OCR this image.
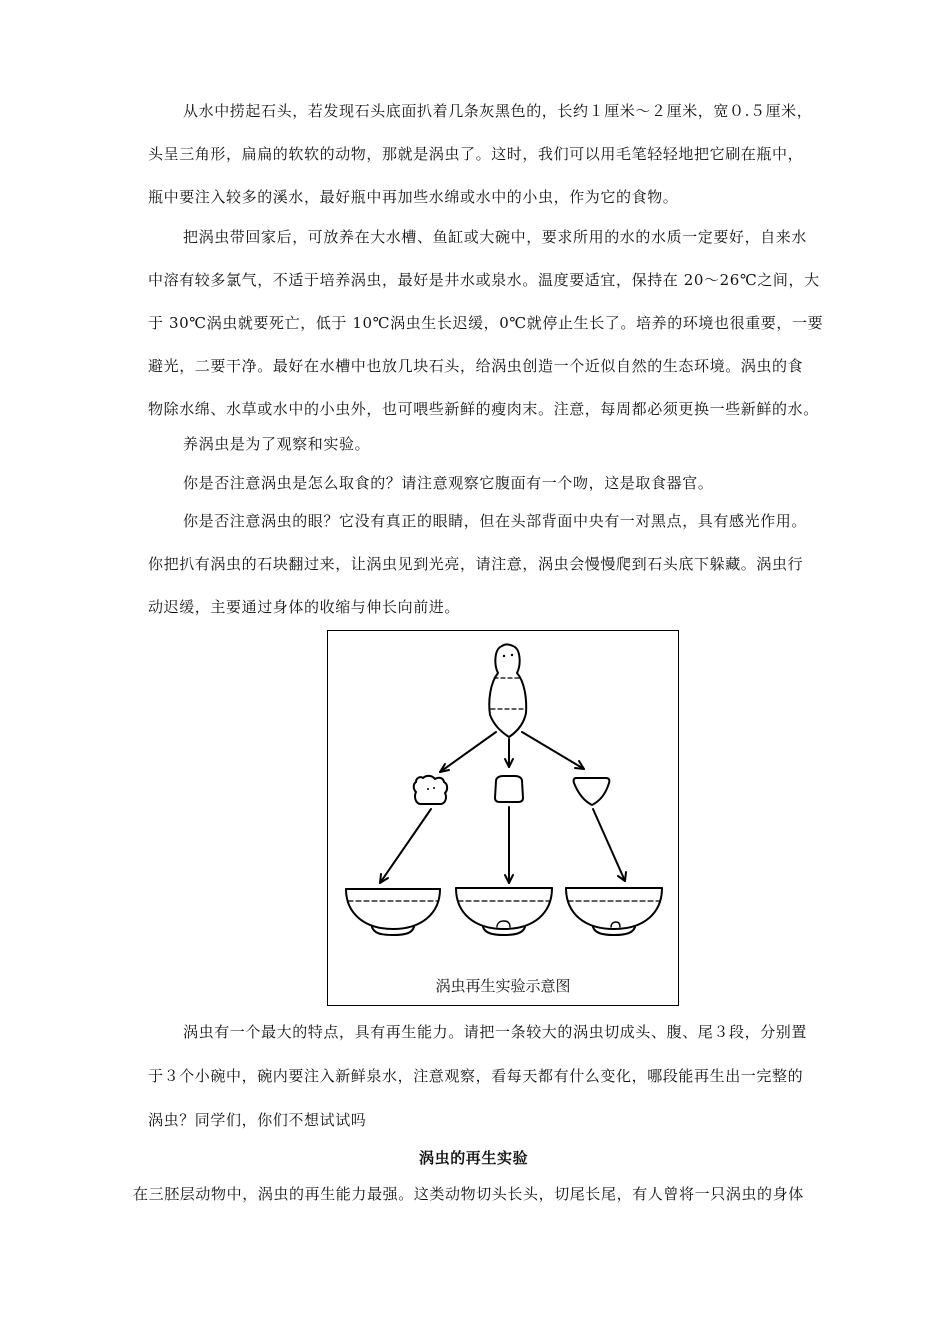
从水中捞起石头，若发现石头底面扒着几条灰黑色的，长约１厘米～２厘米，宽０.５厘米，
头呈三角形，扁扁的软软的动物，那就是涡虫了。这时，我们可以用毛笔轻轻地把它刷在瓶中，
瓶中要注入较多的溪水，最好瓶中再加些水绵或水中的小虫，作为它的食物。
把涡虫带回家后，可放养在大水槽、鱼缸或大碗中，要求所用的水的水质一定要好，自来水
中溶有较多氯气，不适于培养涡虫，最好是井水或泉水。温度要适宜，保持在 20～26℃之间，大
于 30℃涡虫就要死亡，低于 10℃涡虫生长迟缓，0℃就停止生长了。培养的环境也很重要，一要
避光，二要干净。最好在水槽中也放几块石头，给涡虫创造一个近似自然的生态环境。涡虫的食
物除水绵、水草或水中的小虫外，也可喂些新鲜的瘦肉末。注意，每周都必须更换一些新鲜的水。
养涡虫是为了观察和实验。
你是否注意涡虫是怎么取食的？请注意观察它腹面有一个吻，这是取食器官。
你是否注意涡虫的眼？它没有真正的眼睛，但在头部背面中央有一对黑点，具有感光作用。
你把扒有涡虫的石块翻过来，让涡虫见到光亮，请注意，涡虫会慢慢爬到石头底下躲藏。涡虫行
动迟缓，主要通过身体的收缩与伸长向前进。
涡虫再生实验示意图
涡虫有一个最大的特点，具有再生能力。请把一条较大的涡虫切成头、腹、尾３段，分别置
于３个小碗中，碗内要注入新鲜泉水，注意观察，看每天都有什么变化，哪段能再生出一完整的
涡虫？同学们，你们不想试试吗
涡虫的再生实验
在三胚层动物中，涡虫的再生能力最强。这类动物切头长头，切尾长尾，有人曾将一只涡虫的身体
